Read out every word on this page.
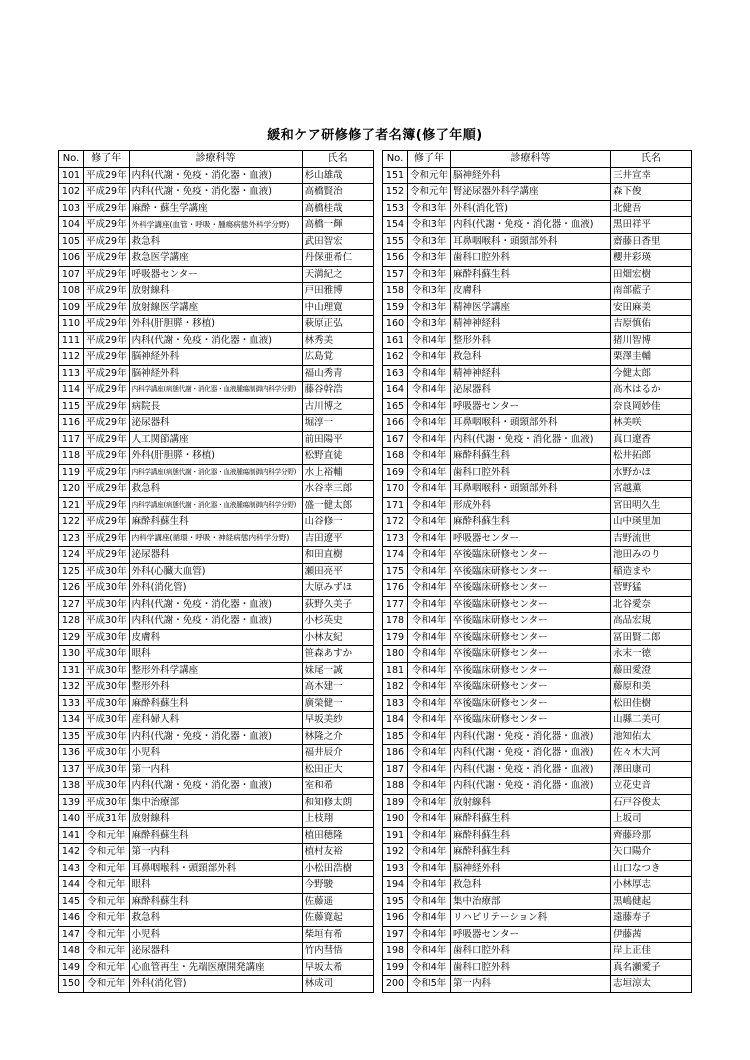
緩和ケア研修修了者名簿(修了年順)
No.	修了年	診療科等	氏名
101	平成29年	内科(代謝・免疫・消化器・血液)	杉山雄哉
102	平成29年	内科(代謝・免疫・消化器・血液)	高橋賢治
103	平成29年	麻酔・蘇生学講座	高橋桂哉
104	平成29年	外科学講座(血管・呼吸・腫瘍病態外科学分野)	高橋一輝
105	平成29年	救急科	武田智宏
106	平成29年	救急医学講座	丹保亜希仁
107	平成29年	呼吸器センター	天満紀之
108	平成29年	放射線科	戸田雅博
109	平成29年	放射線医学講座	中山理寛
110	平成29年	外科(肝胆膵・移植)	萩原正弘
111	平成29年	内科(代謝・免疫・消化器・血液)	林秀美
112	平成29年	脳神経外科	広島覚
113	平成29年	脳神経外科	福山秀青
114	平成29年	内科学講座(病態代謝・消化器・血液腫瘍制御内科学分野)	藤谷幹浩
115	平成29年	病院長	古川博之
116	平成29年	泌尿器科	堀淳一
117	平成29年	人工関節講座	前田陽平
118	平成29年	外科(肝胆膵・移植)	松野直徒
119	平成29年	内科学講座(病態代謝・消化器・血液腫瘍制御内科学分野)	水上裕輔
120	平成29年	救急科	水谷幸三郎
121	平成29年	内科学講座(病態代謝・消化器・血液腫瘍制御内科学分野)	盛一健太郎
122	平成29年	麻酔科蘇生科	山谷修一
123	平成29年	内科学講座(循環・呼吸・神経病態内科学分野)	吉田遼平
124	平成29年	泌尿器科	和田直樹
125	平成30年	外科(心臓大血管)	瀬田亮平
126	平成30年	外科(消化管)	大原みずほ
127	平成30年	内科(代謝・免疫・消化器・血液)	荻野久美子
128	平成30年	内科(代謝・免疫・消化器・血液)	小杉英史
129	平成30年	皮膚科	小林友紀
130	平成30年	眼科	笹森あすか
131	平成30年	整形外科学講座	妹尾一誠
132	平成30年	整形外科	高木建一
133	平成30年	麻酔科蘇生科	廣榮健一
134	平成30年	産科婦人科	早坂美紗
135	平成30年	内科(代謝・免疫・消化器・血液)	林隆之介
136	平成30年	小児科	福井辰介
137	平成30年	第一内科	松田正大
138	平成30年	内科(代謝・免疫・消化器・血液)	室和希
139	平成30年	集中治療部	和知修太朗
140	平成31年	放射線科	上枝翔
141	令和元年	麻酔科蘇生科	植田穂隆
142	令和元年	第一内科	植村友裕
143	令和元年	耳鼻咽喉科・頭頸部外科	小松田浩樹
144	令和元年	眼科	今野駿
145	令和元年	麻酔科蘇生科	佐藤遥
146	令和元年	救急科	佐藤寛起
147	令和元年	小児科	柴垣有希
148	令和元年	泌尿器科	竹内彗悟
149	令和元年	心血管再生・先端医療開発講座	早坂太希
150	令和元年	外科(消化管)	林成司
No.	修了年	診療科等	氏名
151	令和元年	脳神経外科	三井宣幸
152	令和元年	腎泌尿器外科学講座	森下俊
153	令和3年	外科(消化管)	北健吾
154	令和3年	内科(代謝・免疫・消化器・血液)	黒田祥平
155	令和3年	耳鼻咽喉科・頭頸部外科	齋藤日香里
156	令和3年	歯科口腔外科	櫻井彩瑛
157	令和3年	麻酔科蘇生科	田畑宏樹
158	令和3年	皮膚科	南部藍子
159	令和3年	精神医学講座	安田麻美
160	令和3年	精神神経科	吉原慎佑
161	令和4年	整形外科	猪川智博
162	令和4年	救急科	栗澤圭輔
163	令和4年	精神神経科	今健太郎
164	令和4年	泌尿器科	高木はるか
165	令和4年	呼吸器センター	奈良岡妙佳
166	令和4年	耳鼻咽喉科・頭頸部外科	林美咲
167	令和4年	内科(代謝・免疫・消化器・血液)	真口遼香
168	令和4年	麻酔科蘇生科	松井拓郎
169	令和4年	歯科口腔外科	水野かほ
170	令和4年	耳鼻咽喉科・頭頸部外科	宮越薫
171	令和4年	形成外科	宮田明久生
172	令和4年	麻酔科蘇生科	山中瑛里加
173	令和4年	呼吸器センター	吉野流世
174	令和4年	卒後臨床研修センター	池田みのり
175	令和4年	卒後臨床研修センター	稲造まや
176	令和4年	卒後臨床研修センター	菅野猛
177	令和4年	卒後臨床研修センター	北谷愛奈
178	令和4年	卒後臨床研修センター	高品宏規
179	令和4年	卒後臨床研修センター	冨田賢二郎
180	令和4年	卒後臨床研修センター	永末一徳
181	令和4年	卒後臨床研修センター	藤田愛澄
182	令和4年	卒後臨床研修センター	藤原和美
183	令和4年	卒後臨床研修センター	松田佳樹
184	令和4年	卒後臨床研修センター	山縣二美可
185	令和4年	内科(代謝・免疫・消化器・血液)	池知佑太
186	令和4年	内科(代謝・免疫・消化器・血液)	佐々木大河
187	令和4年	内科(代謝・免疫・消化器・血液)	澤田康司
188	令和4年	内科(代謝・免疫・消化器・血液)	立花史音
189	令和4年	放射線科	石戸谷俊太
190	令和4年	麻酔科蘇生科	上坂司
191	令和4年	麻酔科蘇生科	齊藤玲那
192	令和4年	麻酔科蘇生科	矢口陽介
193	令和4年	脳神経外科	山口なつき
194	令和4年	救急科	小林厚志
195	令和4年	集中治療部	黒嶋健起
196	令和4年	リハビリテーション科	遠藤寿子
197	令和4年	呼吸器センター	伊藤茜
198	令和4年	歯科口腔外科	岸上正佳
199	令和4年	歯科口腔外科	真名瀬愛子
200	令和5年	第一内科	志垣涼太
